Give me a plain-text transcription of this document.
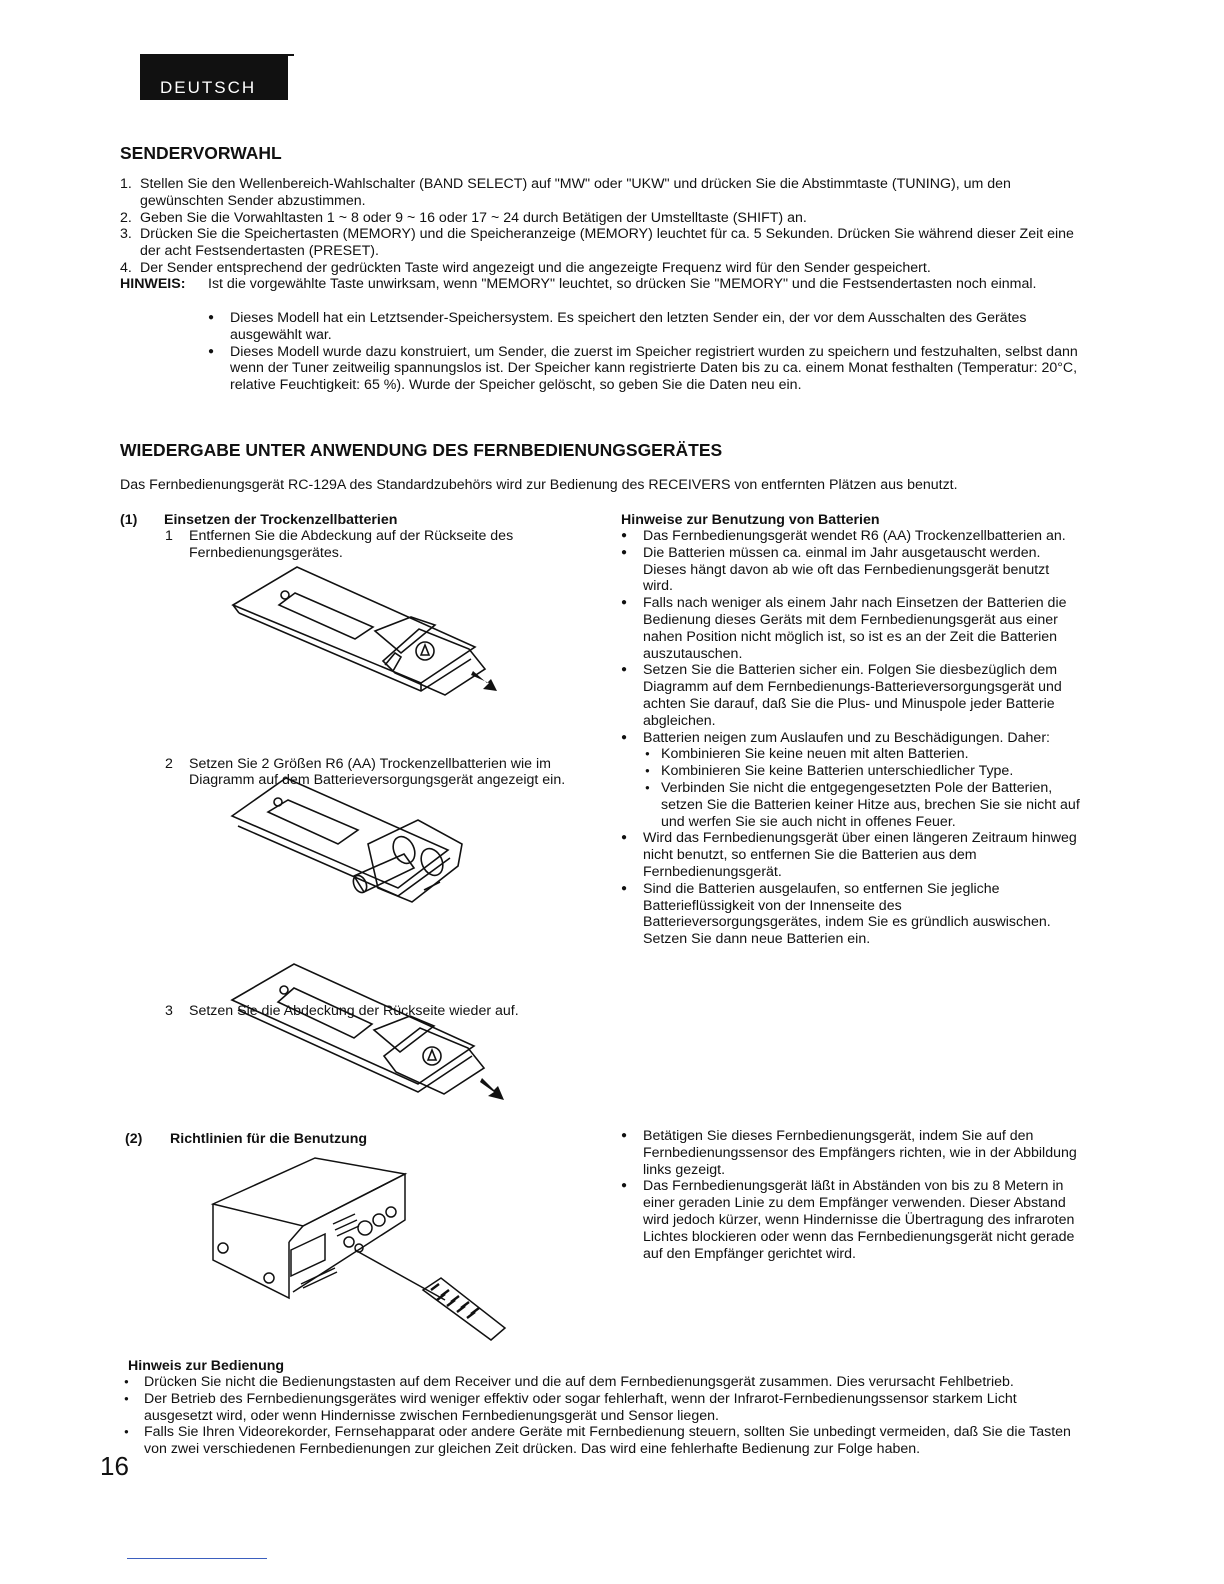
DEUTSCH
SENDERVORWAHL
1. Stellen Sie den Wellenbereich-Wahlschalter (BAND SELECT) auf "MW" oder "UKW" und drücken Sie die Abstimmtaste (TUNING), um den gewünschten Sender abzustimmen.
2. Geben Sie die Vorwahltasten 1 ~ 8 oder 9 ~ 16 oder 17 ~ 24 durch Betätigen der Umstelltaste (SHIFT) an.
3. Drücken Sie die Speichertasten (MEMORY) und die Speicheranzeige (MEMORY) leuchtet für ca. 5 Sekunden. Drücken Sie während dieser Zeit eine der acht Festsendertasten (PRESET).
4. Der Sender entsprechend der gedrückten Taste wird angezeigt und die angezeigte Frequenz wird für den Sender gespeichert.
HINWEIS: Ist die vorgewählte Taste unwirksam, wenn "MEMORY" leuchtet, so drücken Sie "MEMORY" und die Festsendertasten noch einmal.
● Dieses Modell hat ein Letztsender-Speichersystem. Es speichert den letzten Sender ein, der vor dem Ausschalten des Gerätes ausgewählt war.
● Dieses Modell wurde dazu konstruiert, um Sender, die zuerst im Speicher registriert wurden zu speichern und festzuhalten, selbst dann wenn der Tuner zeitweilig spannungslos ist. Der Speicher kann registrierte Daten bis zu ca. einem Monat festhalten (Temperatur: 20°C, relative Feuchtigkeit: 65 %). Wurde der Speicher gelöscht, so geben Sie die Daten neu ein.
WIEDERGABE UNTER ANWENDUNG DES FERNBEDIENUNGSGERÄTES
Das Fernbedienungsgerät RC-129A des Standardzubehörs wird zur Bedienung des RECEIVERS von entfernten Plätzen aus benutzt.
(1) Einsetzen der Trockenzellbatterien
1 Entfernen Sie die Abdeckung auf der Rückseite des Fernbedienungsgerätes.
2 Setzen Sie 2 Größen R6 (AA) Trockenzellbatterien wie im Diagramm auf dem Batterieversorgungsgerät angezeigt ein.
3 Setzen Sie die Abdeckung der Rückseite wieder auf.
Hinweise zur Benutzung von Batterien
● Das Fernbedienungsgerät wendet R6 (AA) Trockenzellbatterien an.
● Die Batterien müssen ca. einmal im Jahr ausgetauscht werden. Dieses hängt davon ab wie oft das Fernbedienungsgerät benutzt wird.
● Falls nach weniger als einem Jahr nach Einsetzen der Batterien die Bedienung dieses Geräts mit dem Fernbedienungsgerät aus einer nahen Position nicht möglich ist, so ist es an der Zeit die Batterien auszutauschen.
● Setzen Sie die Batterien sicher ein. Folgen Sie diesbezüglich dem Diagramm auf dem Fernbedienungs-Batterieversorgungsgerät und achten Sie darauf, daß Sie die Plus- und Minuspole jeder Batterie abgleichen.
● Batterien neigen zum Auslaufen und zu Beschädigungen. Daher:
● Kombinieren Sie keine neuen mit alten Batterien.
● Kombinieren Sie keine Batterien unterschiedlicher Type.
● Verbinden Sie nicht die entgegengesetzten Pole der Batterien, setzen Sie die Batterien keiner Hitze aus, brechen Sie sie nicht auf und werfen Sie sie auch nicht in offenes Feuer.
● Wird das Fernbedienungsgerät über einen längeren Zeitraum hinweg nicht benutzt, so entfernen Sie die Batterien aus dem Fernbedienungsgerät.
● Sind die Batterien ausgelaufen, so entfernen Sie jegliche Batterieflüssigkeit von der Innenseite des Batterieversorgungsgerätes, indem Sie es gründlich auswischen. Setzen Sie dann neue Batterien ein.
(2) Richtlinien für die Benutzung
●	Betätigen Sie dieses Fernbedienungsgerät, indem Sie auf den Fernbedienungssensor des Empfängers richten, wie in der Abbildung links gezeigt.
● Das Fernbedienungsgerät läßt in Abständen von bis zu 8 Metern in einer geraden Linie zu dem Empfänger verwenden. Dieser Abstand wird jedoch kürzer, wenn Hindernisse die Übertragung des infraroten Lichtes blockieren oder wenn das Fernbedienungsgerät nicht gerade auf den Empfänger gerichtet wird.
Hinweis zur Bedienung
● Drücken Sie nicht die Bedienungstasten auf dem Receiver und die auf dem Fernbedienungsgerät zusammen. Dies verursacht Fehlbetrieb.
● Der Betrieb des Fernbedienungsgerätes wird weniger effektiv oder sogar fehlerhaft, wenn der Infrarot-Fernbedienungssensor starkem Licht ausgesetzt wird, oder wenn Hindernisse zwischen Fernbedienungsgerät und Sensor liegen.
● Falls Sie Ihren Videorekorder, Fernsehapparat oder andere Geräte mit Fernbedienung steuern, sollten Sie unbedingt vermeiden, daß Sie die Tasten von zwei verschiedenen Fernbedienungen zur gleichen Zeit drücken. Das wird eine fehlerhafte Bedienung zur Folge haben.
16
